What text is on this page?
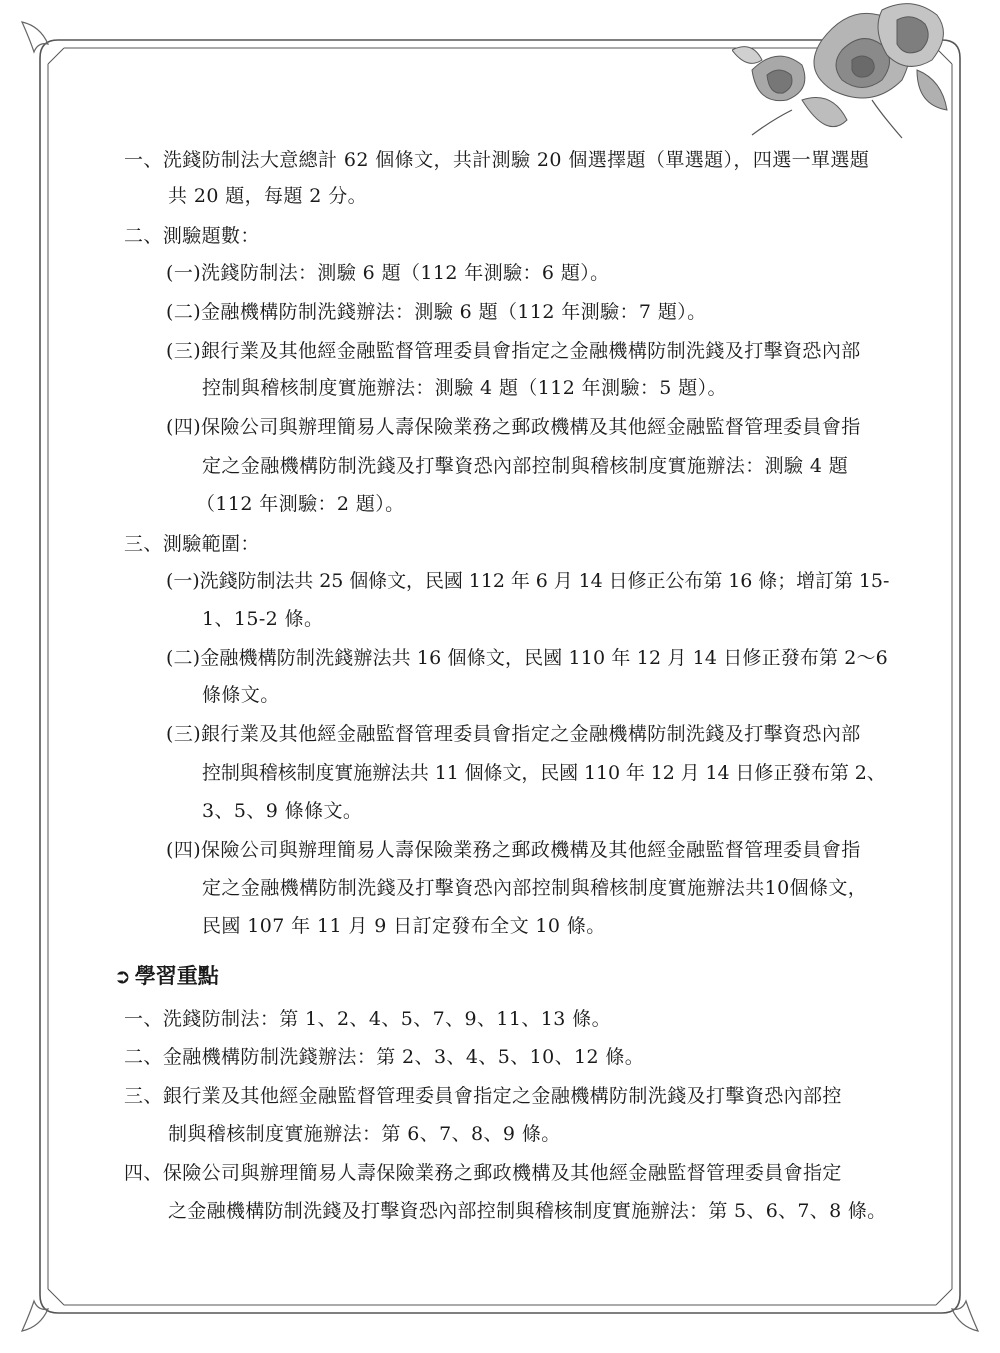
一、洗錢防制法大意總計 62 個條文，共計測驗 20 個選擇題（單選題），四選一單選題
共 20 題，每題 2 分。
二、測驗題數：
(一)洗錢防制法：測驗 6 題（112 年測驗：6 題）。
(二)金融機構防制洗錢辦法：測驗 6 題（112 年測驗：7 題）。
(三)銀行業及其他經金融監督管理委員會指定之金融機構防制洗錢及打擊資恐內部
控制與稽核制度實施辦法：測驗 4 題（112 年測驗：5 題）。
(四)保險公司與辦理簡易人壽保險業務之郵政機構及其他經金融監督管理委員會指
定之金融機構防制洗錢及打擊資恐內部控制與稽核制度實施辦法：測驗 4 題
（112 年測驗：2 題）。
三、測驗範圍：
(一)洗錢防制法共 25 個條文，民國 112 年 6 月 14 日修正公布第 16 條；增訂第 15-
1、15-2 條。
(二)金融機構防制洗錢辦法共 16 個條文，民國 110 年 12 月 14 日修正發布第 2～6
條條文。
(三)銀行業及其他經金融監督管理委員會指定之金融機構防制洗錢及打擊資恐內部
控制與稽核制度實施辦法共 11 個條文，民國 110 年 12 月 14 日修正發布第 2、
3、5、9 條條文。
(四)保險公司與辦理簡易人壽保險業務之郵政機構及其他經金融監督管理委員會指
定之金融機構防制洗錢及打擊資恐內部控制與稽核制度實施辦法共10個條文，
民國 107 年 11 月 9 日訂定發布全文 10 條。
➲ 學習重點
一、洗錢防制法：第 1、2、4、5、7、9、11、13 條。
二、金融機構防制洗錢辦法：第 2、3、4、5、10、12 條。
三、銀行業及其他經金融監督管理委員會指定之金融機構防制洗錢及打擊資恐內部控
制與稽核制度實施辦法：第 6、7、8、9 條。
四、保險公司與辦理簡易人壽保險業務之郵政機構及其他經金融監督管理委員會指定
之金融機構防制洗錢及打擊資恐內部控制與稽核制度實施辦法：第 5、6、7、8 條。
